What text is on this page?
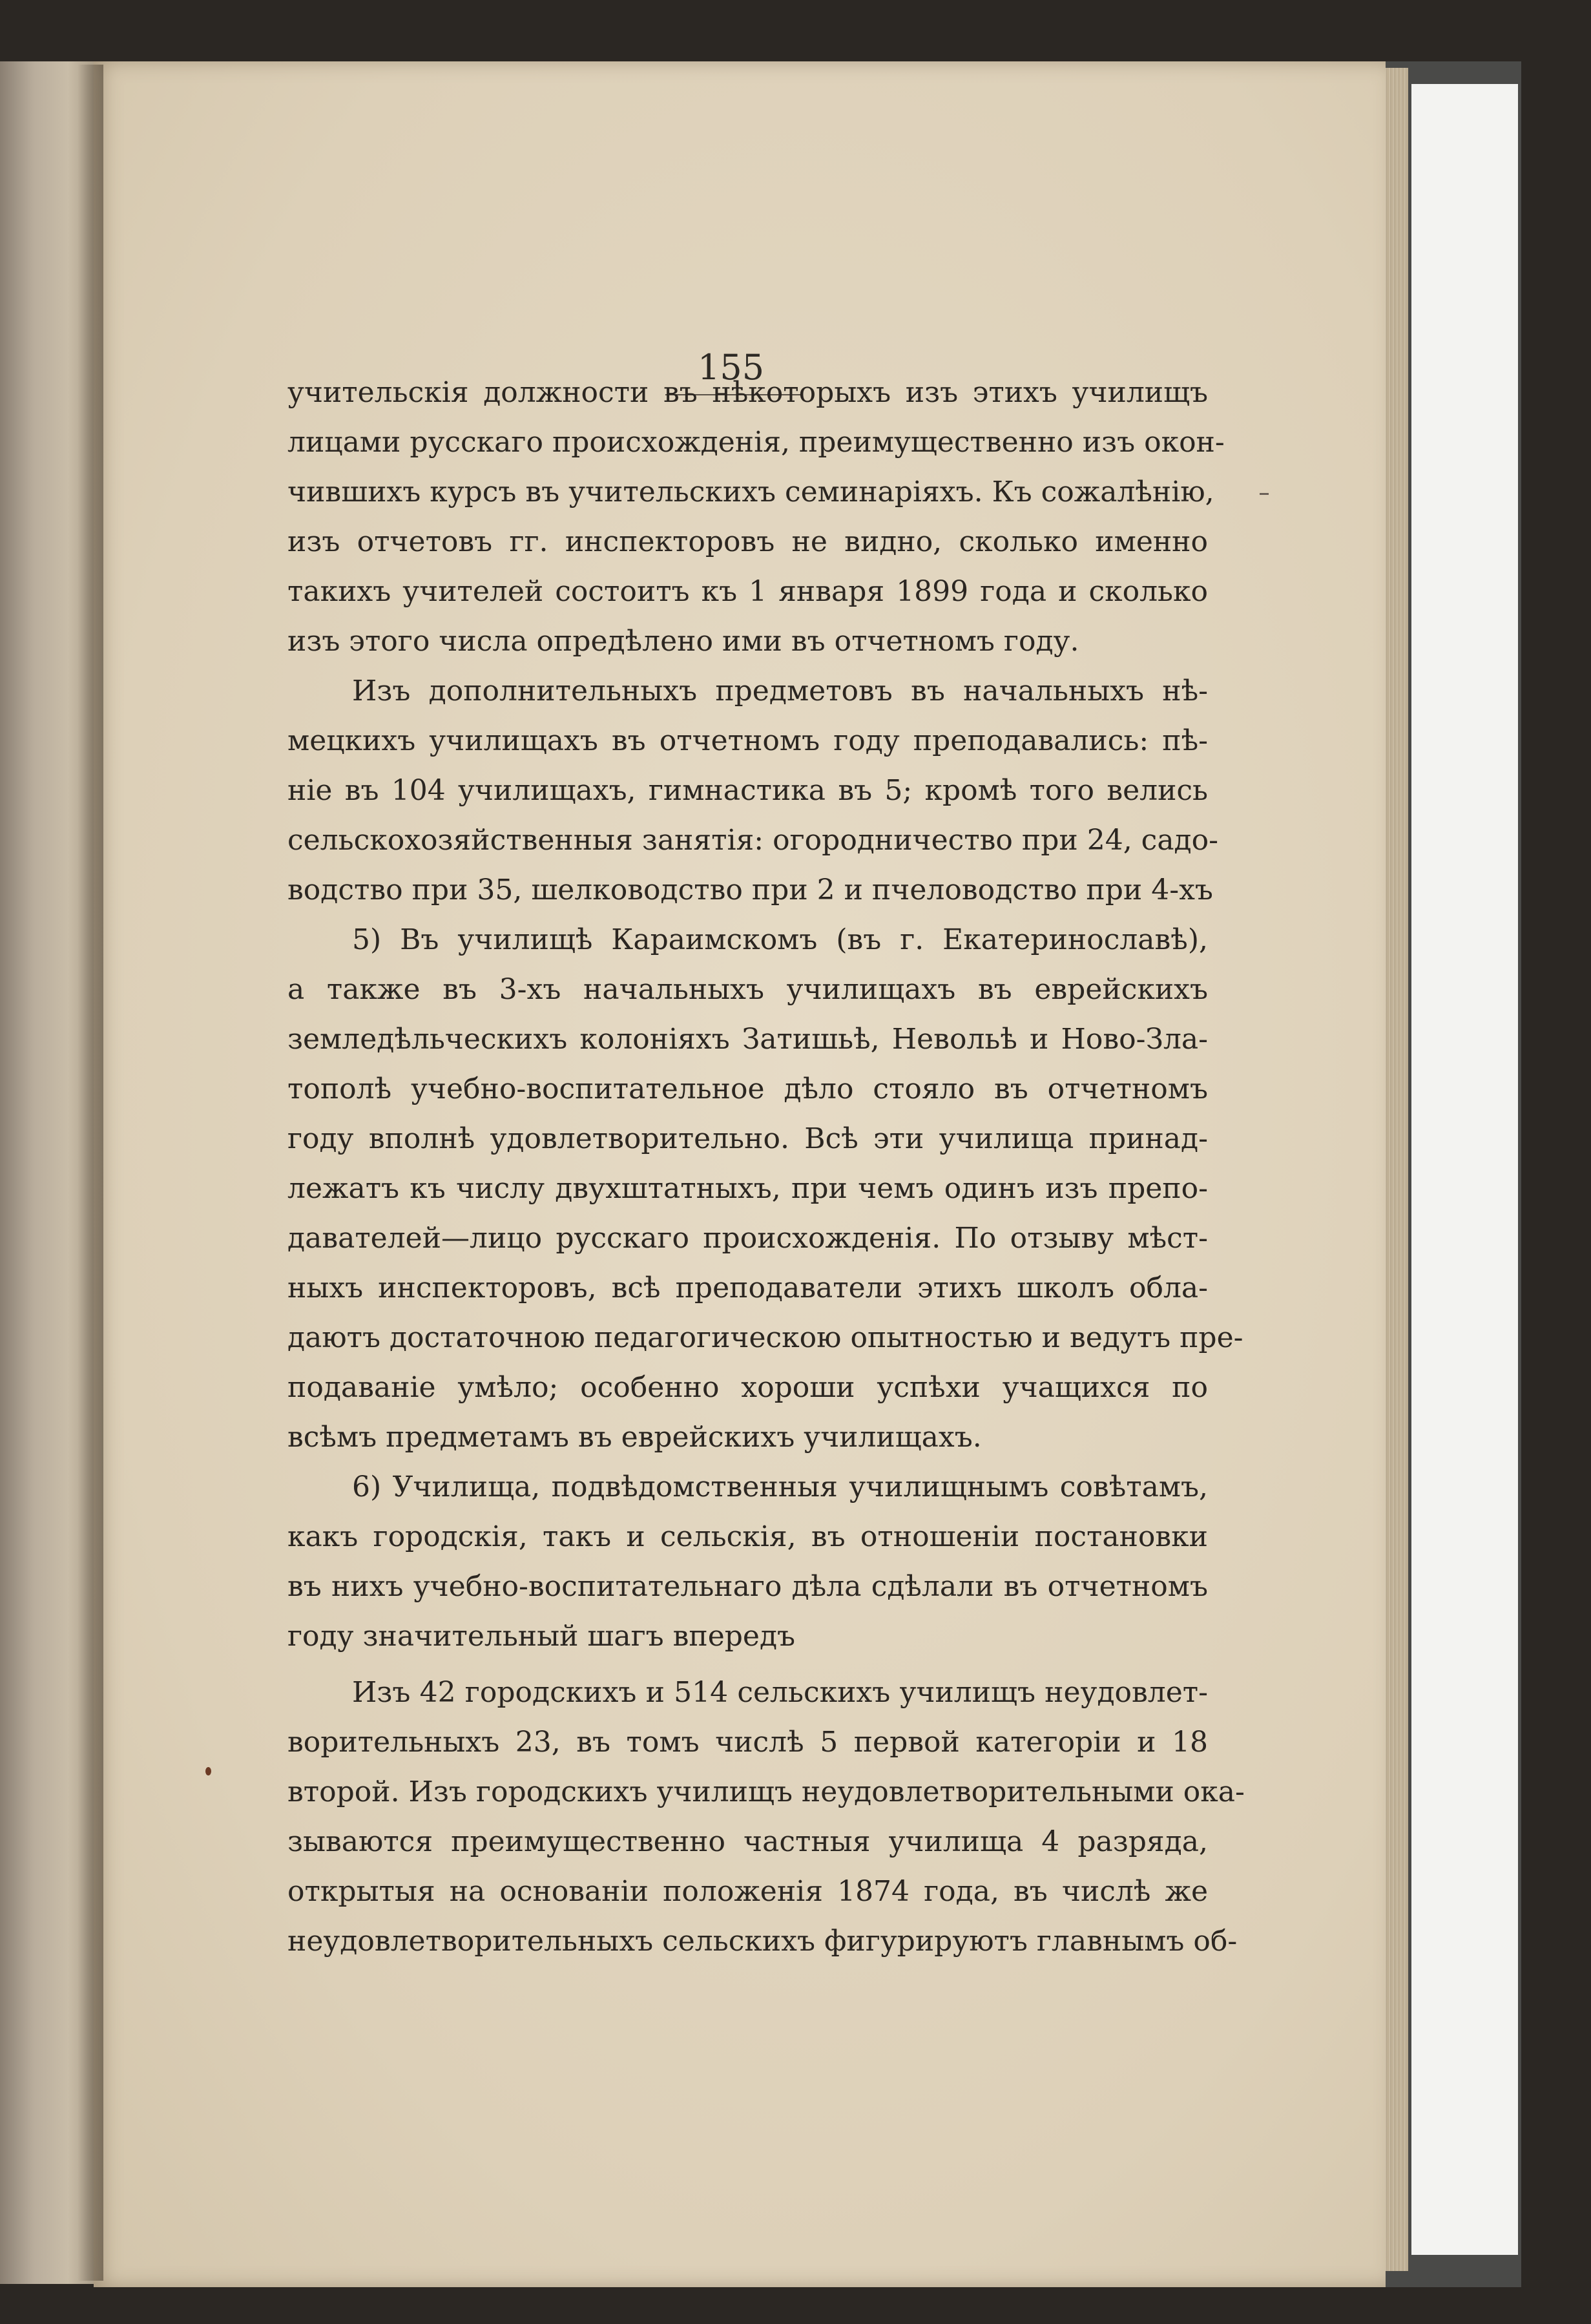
155
учительскія должности въ нѣкоторыхъ изъ этихъ училищъ
лицами русскаго происхожденія, преимущественно изъ окон-
чившихъ курсъ въ учительскихъ семинаріяхъ. Къ сожалѣнію,
изъ отчетовъ гг. инспекторовъ не видно, сколько именно
такихъ учителей состоитъ къ 1 января 1899 года и сколько
изъ этого числа опредѣлено ими въ отчетномъ году.
Изъ дополнительныхъ предметовъ въ начальныхъ нѣ-
мецкихъ училищахъ въ отчетномъ году преподавались: пѣ-
ніе въ 104 училищахъ, гимнастика въ 5; кромѣ того велись
сельскохозяйственныя занятія: огородничество при 24, садо-
водство при 35, шелководство при 2 и пчеловодство при 4-хъ
5) Въ училищѣ Караимскомъ (въ г. Екатеринославѣ),
а также въ 3-хъ начальныхъ училищахъ въ еврейскихъ
земледѣльческихъ колоніяхъ Затишьѣ, Невольѣ и Ново-Зла-
тополѣ учебно-воспитательное дѣло стояло въ отчетномъ
году вполнѣ удовлетворительно. Всѣ эти училища принад-
лежатъ къ числу двухштатныхъ, при чемъ одинъ изъ препо-
давателей—лицо русскаго происхожденія. По отзыву мѣст-
ныхъ инспекторовъ, всѣ преподаватели этихъ школъ обла-
даютъ достаточною педагогическою опытностью и ведутъ пре-
подаваніе умѣло; особенно хороши успѣхи учащихся по
всѣмъ предметамъ въ еврейскихъ училищахъ.
6) Училища, подвѣдомственныя училищнымъ совѣтамъ,
какъ городскія, такъ и сельскія, въ отношеніи постановки
въ нихъ учебно-воспитательнаго дѣла сдѣлали въ отчетномъ
году значительный шагъ впередъ
Изъ 42 городскихъ и 514 сельскихъ училищъ неудовлет-
ворительныхъ 23, въ томъ числѣ 5 первой категоріи и 18
второй. Изъ городскихъ училищъ неудовлетворительными ока-
зываются преимущественно частныя училища 4 разряда,
открытыя на основаніи положенія 1874 года, въ числѣ же
неудовлетворительныхъ сельскихъ фигурируютъ главнымъ об-
